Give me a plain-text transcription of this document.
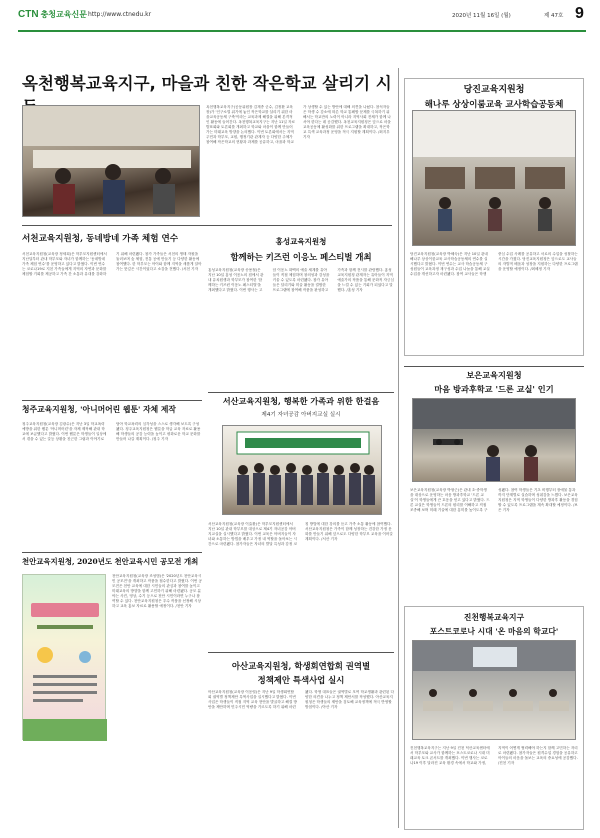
CTN 충청교육신문 http://www.ctnedu.kr	2020년 11월 16일 (월)	제 47호 9
옥천행복교육지구, 마을과 친한 작은학교 살리기 시
옥천행복교육지구(공동위원장 김재종 군수, 김정환 교육장)가 '인구소멸 위기에 놓인 작은학교를 살리기 위한 마을교육공동체 구축'이라는 교육과제 해결을 위해 본격적인 활동에 들어간다. 옥천행복교육지구는 지난 11일 자료 발표회와 토론회를 개최하고 학교와 마을이 함께 만들어가는 미래교육 방향을 논의했다. 이번 토론회에서는 지역 주민과 학부모, 교원, 행정기관 관계자 등 다양한 주체가 참여해 작은학교의 현황과 과제를 공유하고, 마을과 학교가 상생할 수 있는 방안에 대해 의견을 나눴다. 참석자들은 학생 수 감소에 따른 학교 통폐합 문제를 극복하기 위해서는 학교만의 노력이 아니라 지역사회 전체가 함께 나서야 한다는 데 공감했다. 옥천교육지원청은 앞으로 마을교육공동체 활성화를 위한 프로그램을 확대하고, 작은학교 특색 교육과정 운영을 적극 지원할 계획이다. /최지우 기자
당진교육지원청
해나루 상상이룸교육 교사학습공동체
당진교육지원청(교육장 박혜숙)은 지난 10일 관내 해나루 상상이룸교육 교사학습공동체의 연수를 실시했다고 밝혔다. 이번 연수는 교사 학습공동체 구성원들이 교육과정 재구성과 수업 나눔을 통해 교실 수업을 개선하고자 마련됐다. 참여 교사들은 학생 중심 수업 사례를 공유하고 서로의 수업을 성찰하는 시간을 가졌다. 당진교육지원청은 앞으로도 교사들의 자발적 배움과 성장을 지원하는 다양한 프로그램을 운영할 예정이다. /최혜정 기자
서천교육지원청, 동네방네 가족 체험 연수
서천교육지원청(교육장 정세희)은 학부모지원센터에서 지난달부터 관내 학부모와 자녀가 함께하는 '동네방네 가족 체험 연수'를 운영하고 있다고 밝혔다. 이번 연수는 코로나19로 지친 가족들에게 지역의 자연과 문화를 체험할 기회를 제공하고 가족 간 소통과 유대를 강화하기 위해 마련됐다. 참가 가족들은 서천의 생태 자원을 둘러보며 숲 체험, 전통 공예 만들기 등 다양한 활동에 참여했다. 한 학부모는 아이와 함께 지역을 새롭게 알아가는 뜻깊은 시간이었다고 소감을 전했다. /서천 기자
홍성교육지원청
함께하는 키즈런 이응노 페스티벌 개최
홍성교육지원청(교육장 송용철)은 지난 10일 홍성 이응노의 집에서 관내 유치원생과 학부모가 참여한 '함께하는 키즈런 이응노 페스티벌'을 개최했다고 밝혔다. 이번 행사는 고암 이응노 화백의 예술 세계를 유아들이 직접 체험하며 창의성과 감성을 키울 수 있도록 마련됐다. 참가 유아들은 달리기와 미술 활동을 결합한 프로그램에 참여해 작품을 완성하고 가족과 함께 전시를 관람했다. 홍성교육지원청 관계자는 유아들이 지역 예술가의 작품을 통해 문화적 자긍심을 느낄 수 있는 기회가 되었다고 말했다. /홍성 기자
서산교육지원청, 행복한 가족과 위한 한걸음
제4기 자녀공감 아버지교실 실시
서산교육지원청(교육장 이효환)은 학부모지원센터에서 지난 10일 관내 학부모를 대상으로 제4기 자녀공감 아버지교실을 실시했다고 밝혔다. 이번 교육은 아버지들이 자녀와 소통하는 방법을 배우고 가정 내 역할을 돌아보는 시간으로 마련됐다. 참가자들은 자녀의 발달 특성과 감정 코칭 방법에 대한 강의를 듣고 가족 소통 활동에 참여했다. 서산교육지원청은 가족이 함께 성장하는 건강한 가정 문화를 만들기 위해 앞으로도 다양한 학부모 교육을 이어갈 계획이다. /서산 기자
보은교육지원청
마음 방과후학교 '드론 교실' 인기
보은교육지원청(교육장 박형근)은 관내 초·중학생을 대상으로 운영하는 마음 방과후학교 '드론 교실'이 학생들에게 큰 호응을 얻고 있다고 밝혔다. 드론 교실은 학생들이 드론의 원리를 이해하고 직접 조종해 보며 미래 기술에 대한 흥미를 높이도록 구성됐다. 참여 학생들은 기초 비행부터 장애물 통과까지 단계별로 실습하며 성취감을 느꼈다. 보은교육지원청은 지역 학생들이 다양한 방과후 활동을 경험할 수 있도록 프로그램을 계속 확대할 예정이다. /보은 기자
청주교육지원청, '아니머어린 웹툰' 자체 제작
청주교육지원청(교육장 김광수)은 지난 3일 학교폭력 예방을 위한 웹툰 '아니머어린'을 자체 제작해 관내 학교에 보급했다고 밝혔다. 이번 웹툰은 학생들이 일상에서 겪을 수 있는 갈등 상황을 친근한 그림과 이야기로 담아 학교폭력의 심각성을 스스로 생각해 보도록 구성됐다. 청주교육지원청은 웹툰을 학급 교육 자료로 활용해 학생들의 공감 능력을 높이고 평화로운 학교 문화를 만들어 나갈 계획이다. /청주 기자
천안교육지원청, 2020년도 천안교육시민 공모전 개최
천안교육지원청(교육장 조성범)은 '2020년도 천안교육시민 공모전'을 개최하고 작품을 접수한다고 밝혔다. 이번 공모전은 천안 교육에 대한 시민들의 관심과 참여를 높이고 미래교육의 방향을 함께 고민하기 위해 마련됐다. 공모 분야는 사진, 영상, 수기 등으로 천안 시민이라면 누구나 참여할 수 있다. 천안교육지원청은 우수 작품을 선정해 시상하고 교육 홍보 자료로 활용할 예정이다. /천안 기자
아산교육지원청, 학생회연합회 권역별
정책제안 특색사업 실시
아산교육지원청(교육장 이응렬)은 지난 9일 학생회연합회 권역별 정책제안 특색사업을 실시했다고 밝혔다. 이번 사업은 학생들이 직접 지역 교육 현안을 발굴하고 해결 방안을 제안하며 민주시민 역량을 기르도록 하기 위해 마련됐다. 학생 대표들은 권역별로 모여 학교생활과 관련된 다양한 의견을 나누고 정책 제안서를 작성했다. 아산교육지원청은 학생들의 제안을 검토해 교육정책에 적극 반영할 방침이다. /아산 기자
진천행복교육지구
포스트코로나 시대 '온 마음의 학교다'
진천행복교육지구는 지난 9일 진천 덕산교육센터에서 학부모와 교사가 함께하는 포스트코로나 시대 미래교육 토크 콘서트를 개최했다. 이번 행사는 코로나19 이후 달라진 교육 환경 속에서 학교와 가정, 지역이 어떻게 협력해야 하는지 함께 고민하는 자리로 마련됐다. 참가자들은 원격수업 경험을 공유하고 아이들의 마음을 돌보는 교육의 중요성에 공감했다. /진천 기자
